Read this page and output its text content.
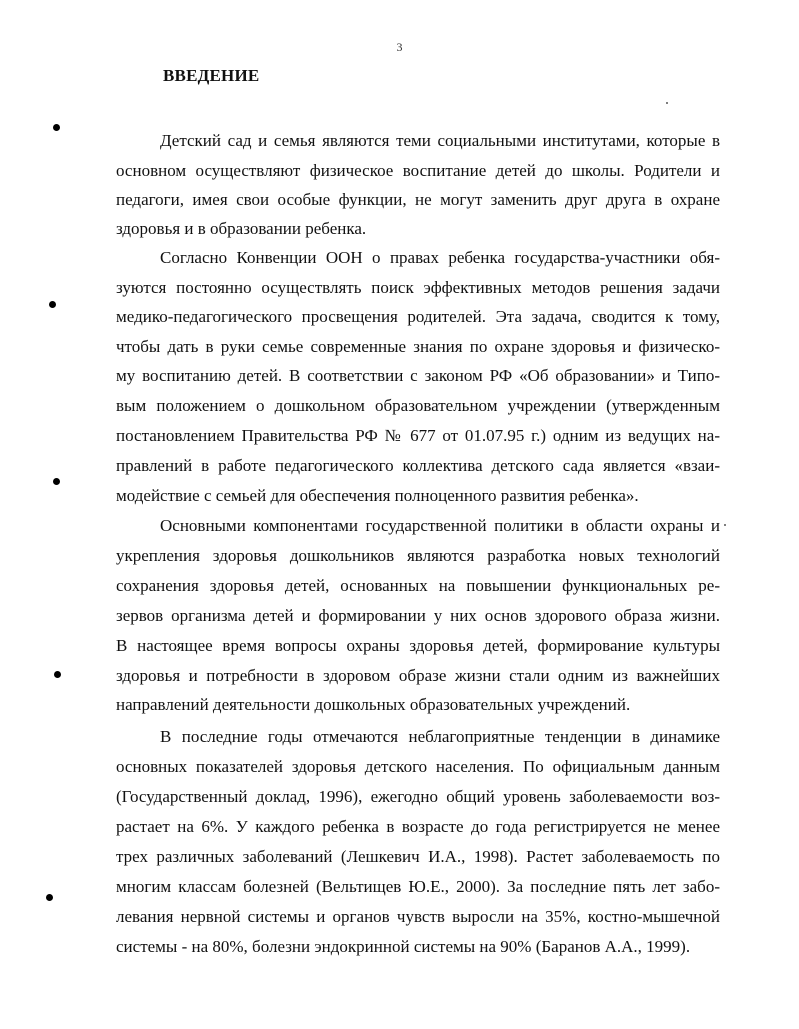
3
ВВЕДЕНИЕ
Детский сад и семья являются теми социальными институтами, которые в
основном осуществляют физическое воспитание детей до школы. Родители и
педагоги, имея свои особые функции, не могут заменить друг друга в охране
здоровья и в образовании ребенка.
Согласно Конвенции ООН о правах ребенка государства-участники обя-
зуются постоянно осуществлять поиск эффективных методов решения задачи
медико-педагогического просвещения родителей. Эта задача, сводится к тому,
чтобы дать в руки семье современные знания по охране здоровья и физическо-
му воспитанию детей. В соответствии с законом РФ «Об образовании» и Типо-
вым положением о дошкольном образовательном учреждении (утвержденным
постановлением Правительства РФ № 677 от 01.07.95 г.) одним из ведущих на-
правлений в работе педагогического коллектива детского сада является «взаи-
модействие с семьей для обеспечения полноценного развития ребенка».
Основными компонентами государственной политики в области охраны и
укрепления здоровья дошкольников являются разработка новых технологий
сохранения здоровья детей, основанных на повышении функциональных ре-
зервов организма детей и формировании у них основ здорового образа жизни.
В настоящее время вопросы охраны здоровья детей, формирование культуры
здоровья и потребности в здоровом образе жизни стали одним из важнейших
направлений деятельности дошкольных образовательных учреждений.
В последние годы отмечаются неблагоприятные тенденции в динамике
основных показателей здоровья детского населения. По официальным данным
(Государственный доклад, 1996), ежегодно общий уровень заболеваемости воз-
растает на 6%. У каждого ребенка в возрасте до года регистрируется не менее
трех различных заболеваний (Лешкевич И.А., 1998). Растет заболеваемость по
многим классам болезней (Вельтищев Ю.Е., 2000). За последние пять лет забо-
левания нервной системы и органов чувств выросли на 35%, костно-мышечной
системы - на 80%, болезни эндокринной системы на 90% (Баранов А.А., 1999).
